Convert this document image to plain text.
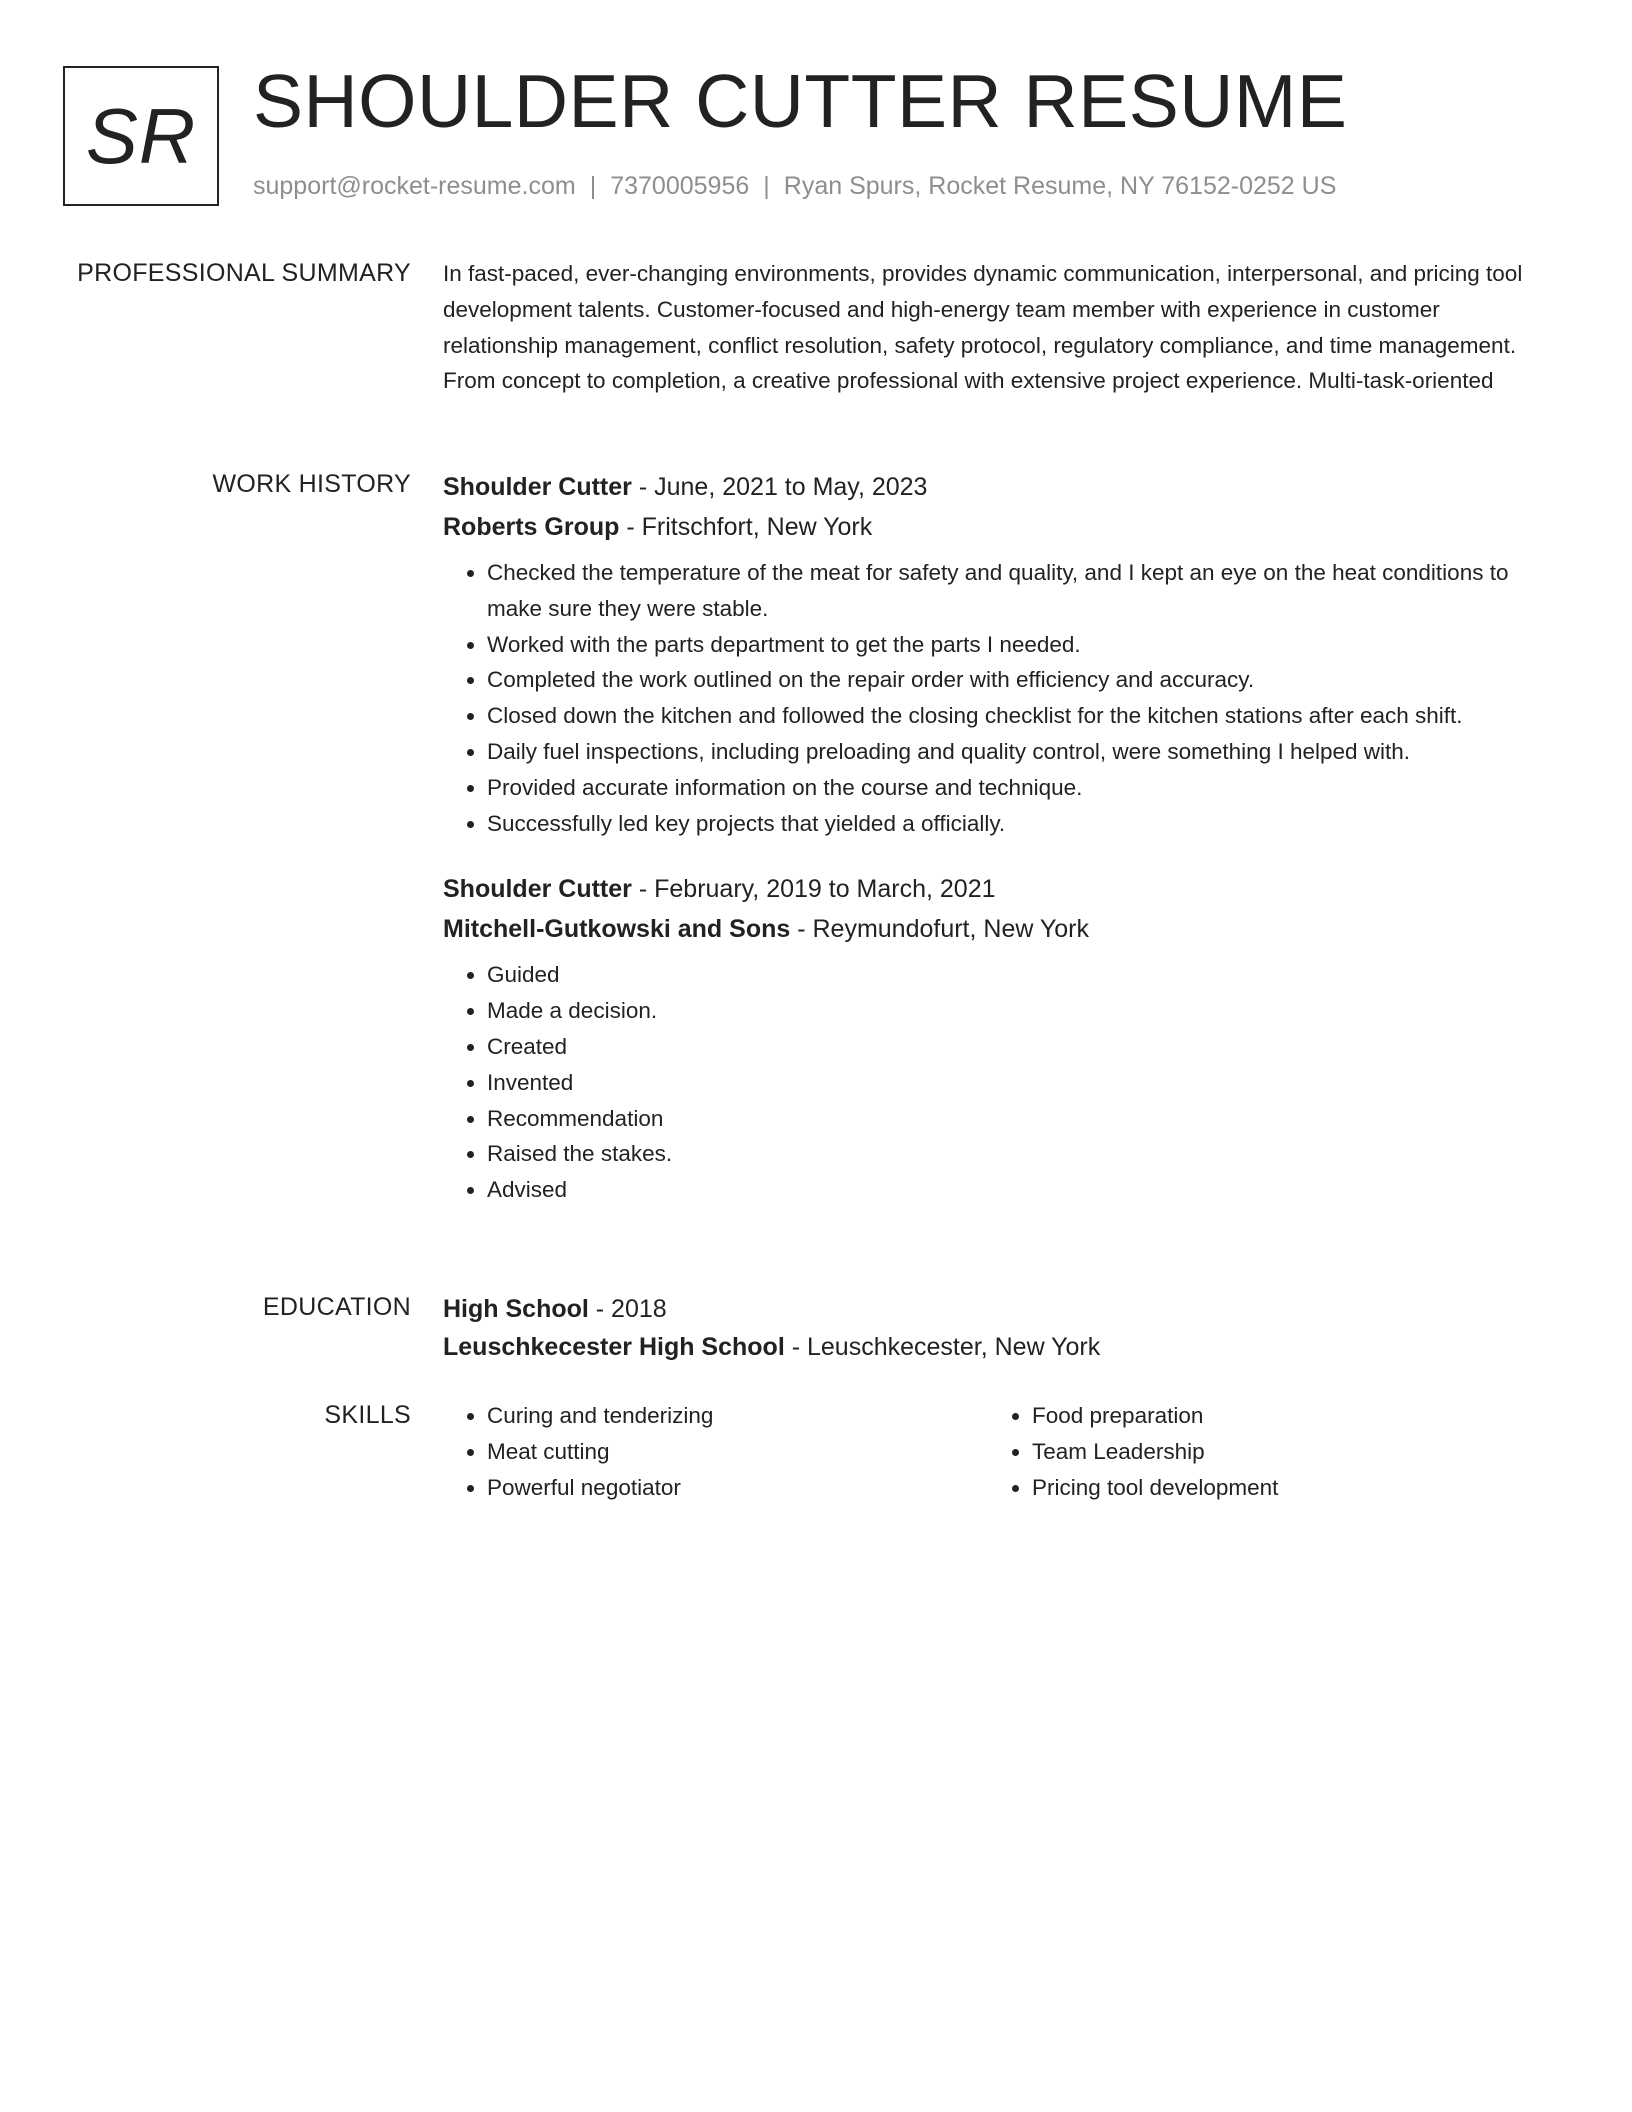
SR SHOULDER CUTTER RESUME
support@rocket-resume.com | 7370005956 | Ryan Spurs, Rocket Resume, NY 76152-0252 US
PROFESSIONAL SUMMARY In fast-paced, ever-changing environments, provides dynamic communication, interpersonal, and pricing tool development talents. Customer-focused and high-energy team member with experience in customer relationship management, conflict resolution, safety protocol, regulatory compliance, and time management. From concept to completion, a creative professional with extensive project experience. Multi-task-oriented

WORK HISTORY Shoulder Cutter - June, 2021 to May, 2023
Roberts Group - Fritschfort, New York
• Checked the temperature of the meat for safety and quality, and I kept an eye on the heat conditions to make sure they were stable.
• Worked with the parts department to get the parts I needed.
• Completed the work outlined on the repair order with efficiency and accuracy.
• Closed down the kitchen and followed the closing checklist for the kitchen stations after each shift.
• Daily fuel inspections, including preloading and quality control, were something I helped with.
• Provided accurate information on the course and technique.
• Successfully led key projects that yielded a officially.
Shoulder Cutter - February, 2019 to March, 2021
Mitchell-Gutkowski and Sons - Reymundofurt, New York
• Guided
• Made a decision.
• Created
• Invented
• Recommendation
• Raised the stakes.
• Advised
EDUCATION High School - 2018
Leuschkecester High School - Leuschkecester, New York
SKILLS
•	Curing and tenderizing
• Meat cutting
• Powerful negotiator
• Food preparation
• Team Leadership
• Pricing tool development
